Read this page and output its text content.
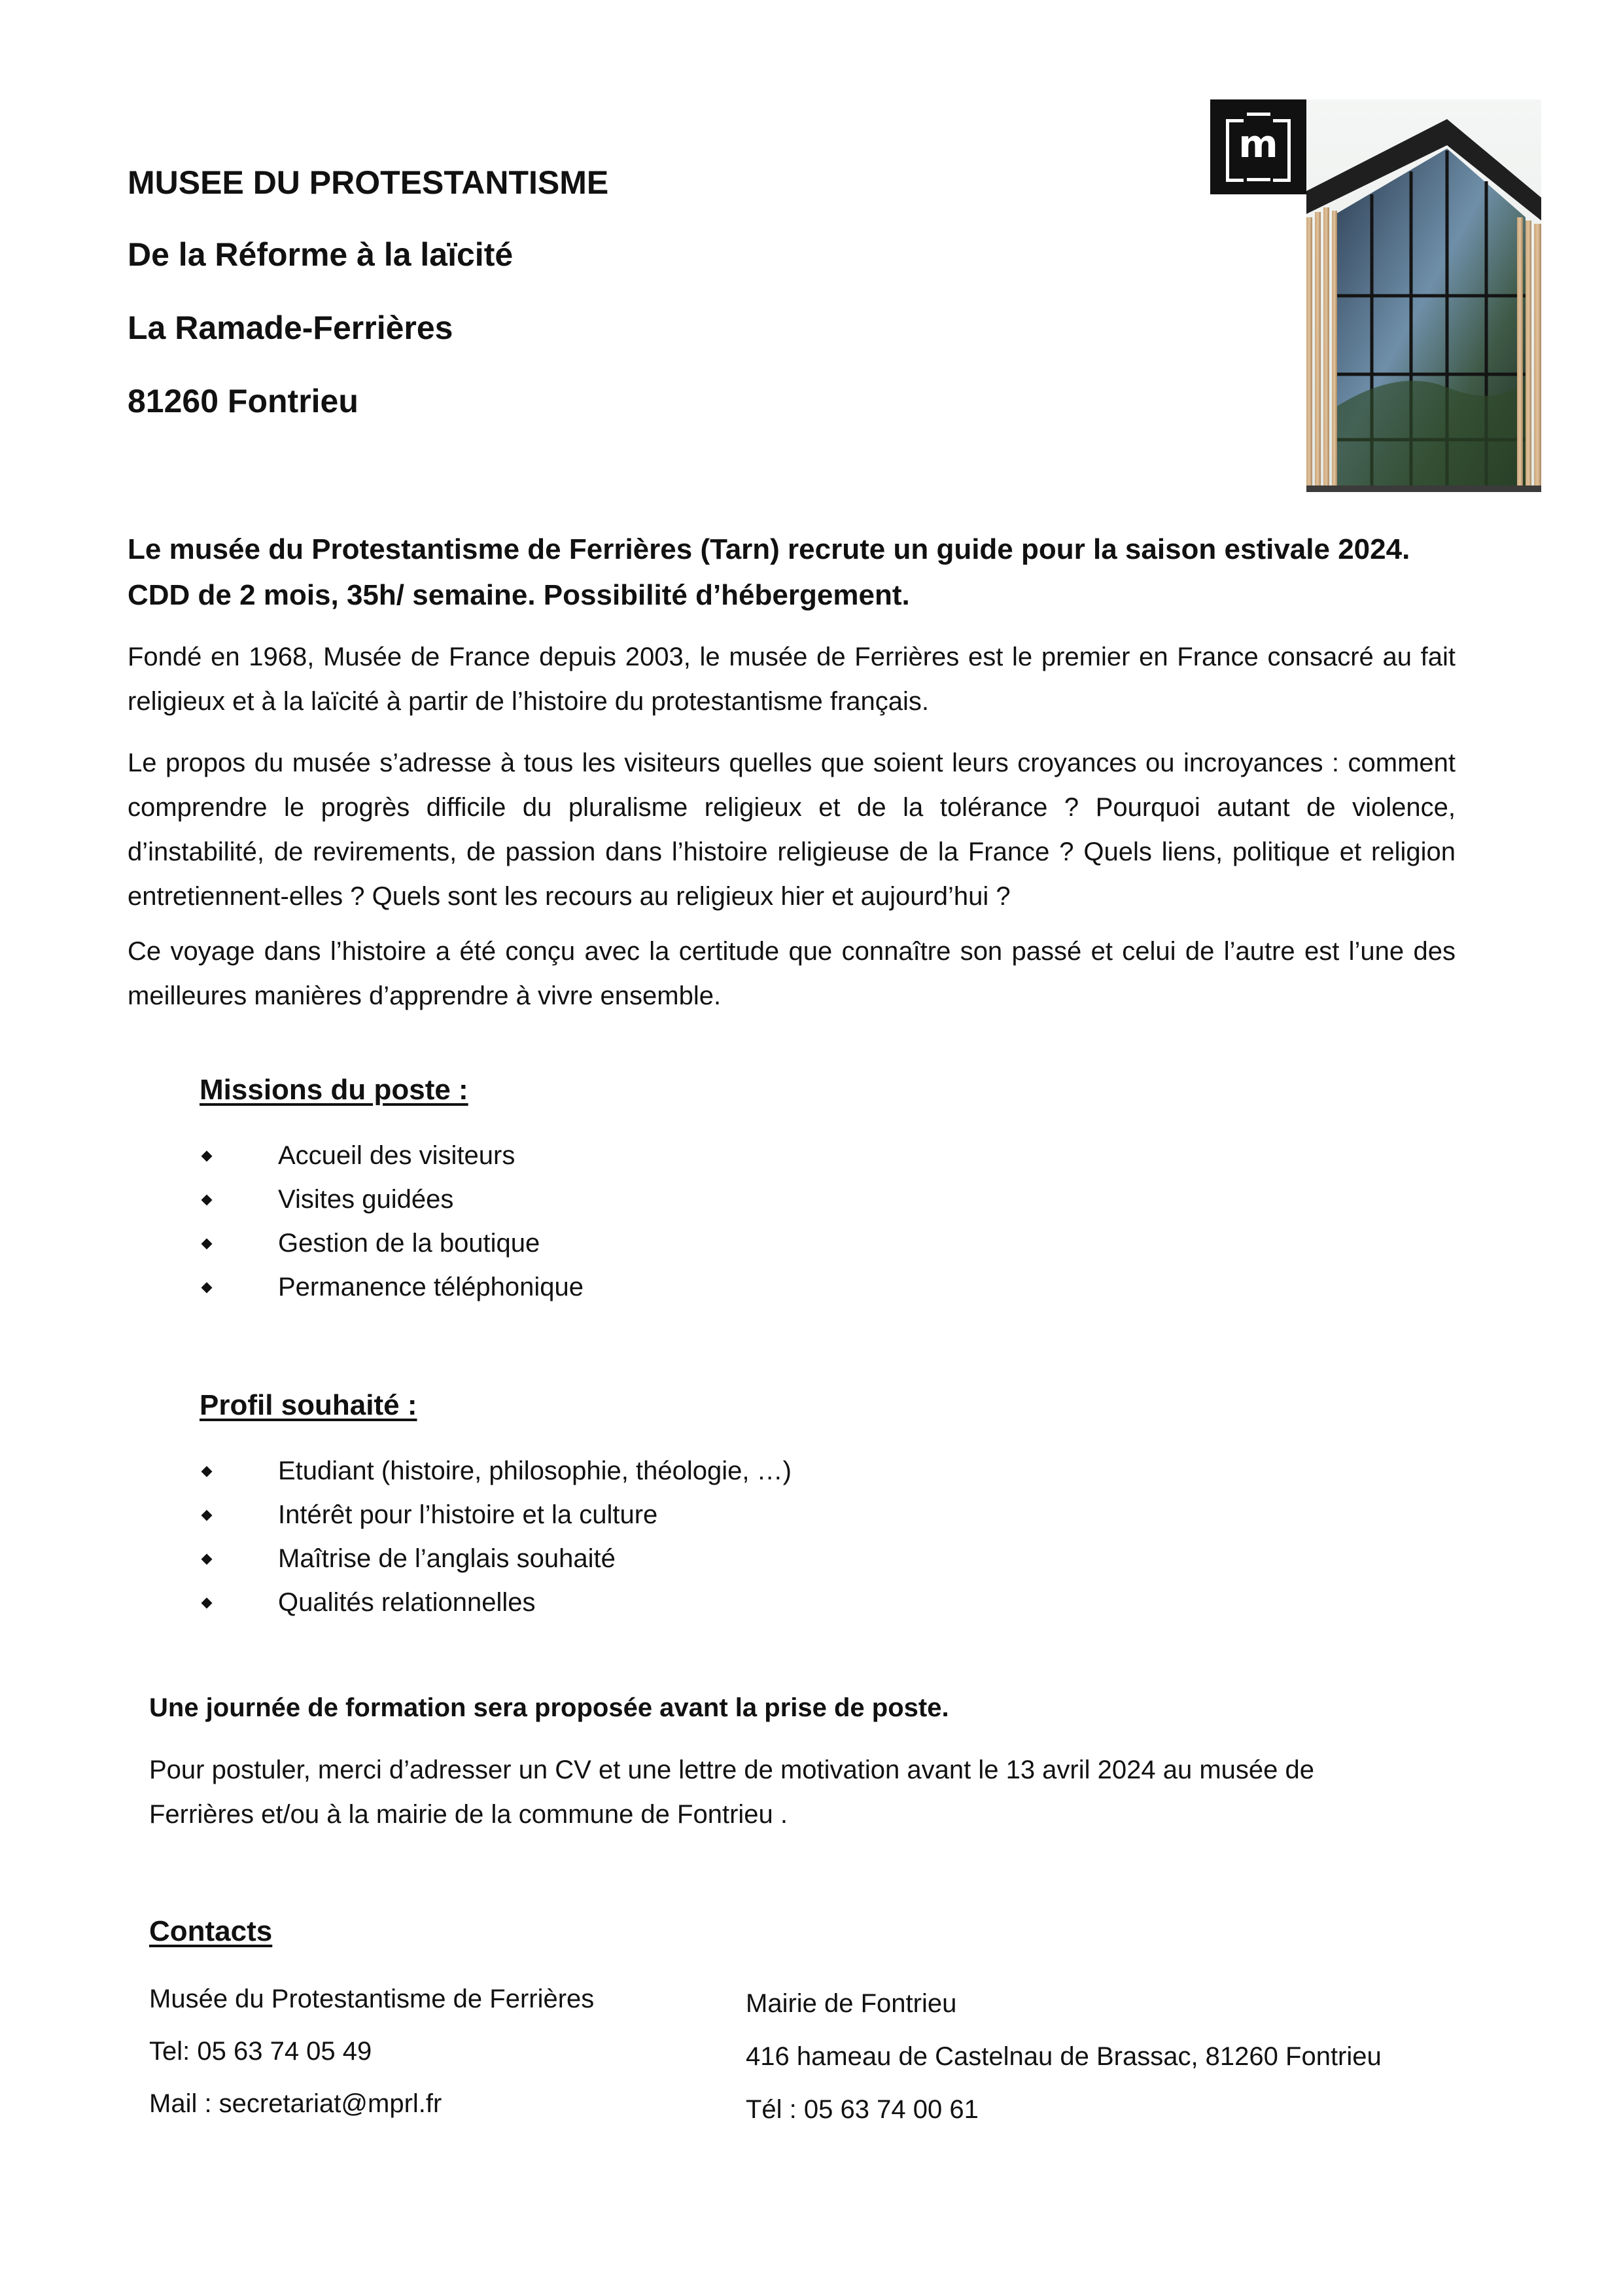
MUSEE DU PROTESTANTISME
De la Réforme à la laïcité
La Ramade-Ferrières
81260 Fontrieu
m
Le musée du Protestantisme de Ferrières (Tarn) recrute un guide pour la saison estivale 2024.
CDD de 2 mois, 35h/ semaine. Possibilité d’hébergement.
Fondé en 1968, Musée de France depuis 2003, le musée de Ferrières est le premier en France consacré au fait religieux et à la laïcité à partir de l’histoire du protestantisme français.
Le propos du musée s’adresse à tous les visiteurs quelles que soient leurs croyances ou incroyances : comment comprendre le progrès difficile du pluralisme religieux et de la tolérance ? Pourquoi autant de violence, d’instabilité, de revirements, de passion dans l’histoire religieuse de la France ? Quels liens, politique et religion entretiennent-elles ? Quels sont les recours au religieux hier et aujourd’hui ?
Ce voyage dans l’histoire a été conçu avec la certitude que connaître son passé et celui de l’autre est l’une des meilleures manières d’apprendre à vivre ensemble.
Missions du poste :
Accueil des visiteurs
Visites guidées
Gestion de la boutique
Permanence téléphonique
Profil souhaité :
Etudiant (histoire, philosophie, théologie, …)
Intérêt pour l’histoire et la culture
Maîtrise de l’anglais souhaité
Qualités relationnelles
Une journée de formation sera proposée avant la prise de poste.
Pour postuler, merci d’adresser un CV et une lettre de motivation avant le 13 avril 2024 au musée de
Ferrières et/ou à la mairie de la commune de Fontrieu .
Contacts
Musée du Protestantisme de Ferrières
Tel: 05 63 74 05 49
Mail : secretariat@mprl.fr
Mairie de Fontrieu
416 hameau de Castelnau de Brassac, 81260 Fontrieu
Tél : 05 63 74 00 61
